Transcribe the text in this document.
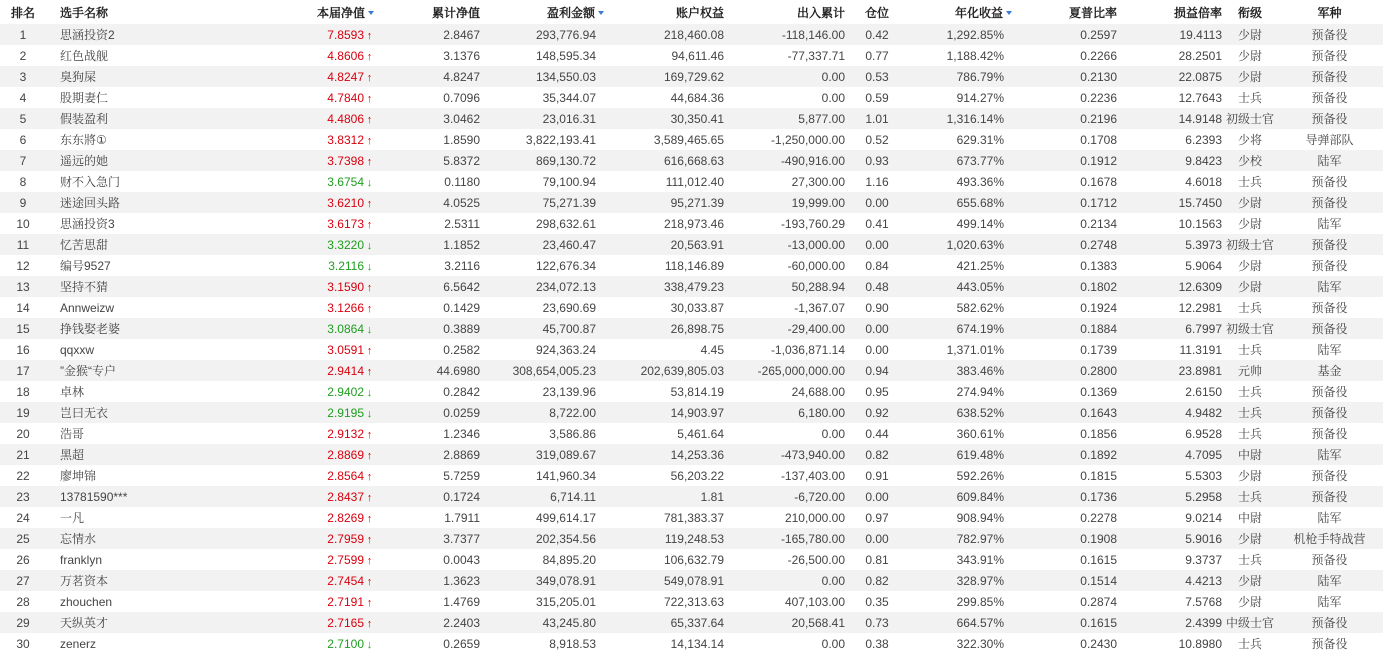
排名	选手名称	本届净值	累计净值	盈利金额	账户权益	出入累计	仓位	年化收益	夏普比率	损益倍率	衔级	军种
1	思涵投资2	7.8593 ↑	2.8467	293,776.94	218,460.08	-118,146.00	0.42	1,292.85%	0.2597	19.4113	少尉	预备役
2	红色战舰	4.8606 ↑	3.1376	148,595.34	94,611.46	-77,337.71	0.77	1,188.42%	0.2266	28.2501	少尉	预备役
3	臭狗屎	4.8247 ↑	4.8247	134,550.03	169,729.62	0.00	0.53	786.79%	0.2130	22.0875	少尉	预备役
4	股期妻仁	4.7840 ↑	0.7096	35,344.07	44,684.36	0.00	0.59	914.27%	0.2236	12.7643	士兵	预备役
5	假装盈利	4.4806 ↑	3.0462	23,016.31	30,350.41	5,877.00	1.01	1,316.14%	0.2196	14.9148	初级士官	预备役
6	东东將①	3.8312 ↑	1.8590	3,822,193.41	3,589,465.65	-1,250,000.00	0.52	629.31%	0.1708	6.2393	少将	导弹部队
7	遥远的她	3.7398 ↑	5.8372	869,130.72	616,668.63	-490,916.00	0.93	673.77%	0.1912	9.8423	少校	陆军
8	财不入急门	3.6754 ↓	0.1180	79,100.94	111,012.40	27,300.00	1.16	493.36%	0.1678	4.6018	士兵	预备役
9	迷途回头路	3.6210 ↑	4.0525	75,271.39	95,271.39	19,999.00	0.00	655.68%	0.1712	15.7450	少尉	预备役
10	思涵投资3	3.6173 ↑	2.5311	298,632.61	218,973.46	-193,760.29	0.41	499.14%	0.2134	10.1563	少尉	陆军
11	忆苦思甜	3.3220 ↓	1.1852	23,460.47	20,563.91	-13,000.00	0.00	1,020.63%	0.2748	5.3973	初级士官	预备役
12	编号9527	3.2116 ↓	3.2116	122,676.34	118,146.89	-60,000.00	0.84	421.25%	0.1383	5.9064	少尉	预备役
13	坚持不猜	3.1590 ↑	6.5642	234,072.13	338,479.23	50,288.94	0.48	443.05%	0.1802	12.6309	少尉	陆军
14	Annweizw	3.1266 ↑	0.1429	23,690.69	30,033.87	-1,367.07	0.90	582.62%	0.1924	12.2981	士兵	预备役
15	挣钱娶老婆	3.0864 ↓	0.3889	45,700.87	26,898.75	-29,400.00	0.00	674.19%	0.1884	6.7997	初级士官	预备役
16	qqxxw	3.0591 ↑	0.2582	924,363.24	4.45	-1,036,871.14	0.00	1,371.01%	0.1739	11.3191	士兵	陆军
17	”金猴“专户	2.9414 ↑	44.6980	308,654,005.23	202,639,805.03	-265,000,000.00	0.94	383.46%	0.2800	23.8981	元帅	基金
18	卓林	2.9402 ↓	0.2842	23,139.96	53,814.19	24,688.00	0.95	274.94%	0.1369	2.6150	士兵	预备役
19	岂曰无衣	2.9195 ↓	0.0259	8,722.00	14,903.97	6,180.00	0.92	638.52%	0.1643	4.9482	士兵	预备役
20	浩哥	2.9132 ↑	1.2346	3,586.86	5,461.64	0.00	0.44	360.61%	0.1856	6.9528	士兵	预备役
21	黑超	2.8869 ↑	2.8869	319,089.67	14,253.36	-473,940.00	0.82	619.48%	0.1892	4.7095	中尉	陆军
22	廖坤锦	2.8564 ↑	5.7259	141,960.34	56,203.22	-137,403.00	0.91	592.26%	0.1815	5.5303	少尉	预备役
23	13781590***	2.8437 ↑	0.1724	6,714.11	1.81	-6,720.00	0.00	609.84%	0.1736	5.2958	士兵	预备役
24	一凡	2.8269 ↑	1.7911	499,614.17	781,383.37	210,000.00	0.97	908.94%	0.2278	9.0214	中尉	陆军
25	忘情水	2.7959 ↑	3.7377	202,354.56	119,248.53	-165,780.00	0.00	782.97%	0.1908	5.9016	少尉	机枪手特战营
26	franklyn	2.7599 ↑	0.0043	84,895.20	106,632.79	-26,500.00	0.81	343.91%	0.1615	9.3737	士兵	预备役
27	万茗资本	2.7454 ↑	1.3623	349,078.91	549,078.91	0.00	0.82	328.97%	0.1514	4.4213	少尉	陆军
28	zhouchen	2.7191 ↑	1.4769	315,205.01	722,313.63	407,103.00	0.35	299.85%	0.2874	7.5768	少尉	陆军
29	天纵英才	2.7165 ↑	2.2403	43,245.80	65,337.64	20,568.41	0.73	664.57%	0.1615	2.4399	中级士官	预备役
30	zenerz	2.7100 ↓	0.2659	8,918.53	14,134.14	0.00	0.38	322.30%	0.2430	10.8980	士兵	预备役
